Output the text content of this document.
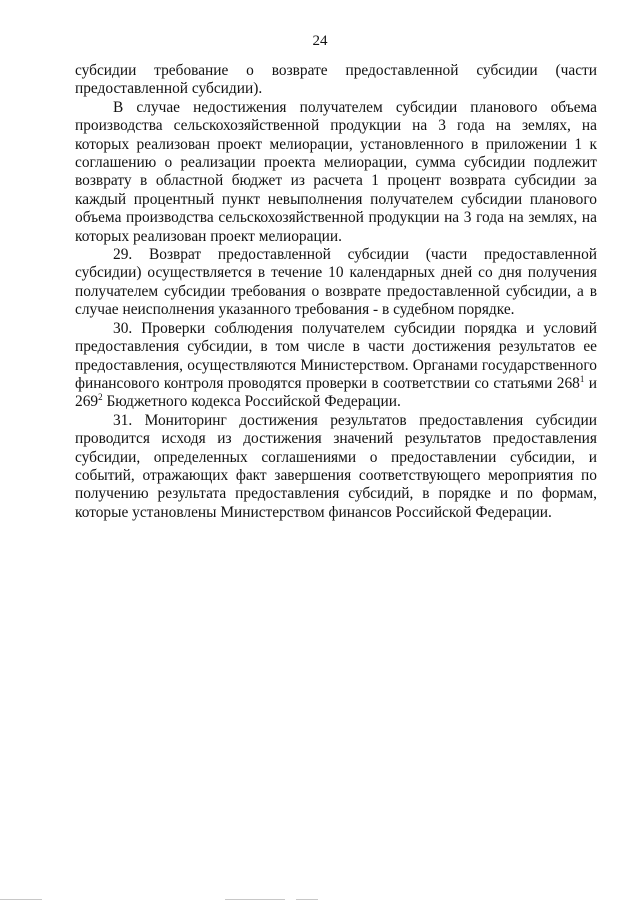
24

субсидии требование о возврате предоставленной субсидии (части предоставленной субсидии).

В случае недостижения получателем субсидии планового объема производства сельскохозяйственной продукции на 3 года на землях, на которых реализован проект мелиорации, установленного в приложении 1 к соглашению о реализации проекта мелиорации, сумма субсидии подлежит возврату в областной бюджет из расчета 1 процент возврата субсидии за каждый процентный пункт невыполнения получателем субсидии планового объема производства сельскохозяйственной продукции на 3 года на землях, на которых реализован проект мелиорации.

29. Возврат предоставленной субсидии (части предоставленной субсидии) осуществляется в течение 10 календарных дней со дня получения получателем субсидии требования о возврате предоставленной субсидии, а в случае неисполнения указанного требования - в судебном порядке.

30. Проверки соблюдения получателем субсидии порядка и условий предоставления субсидии, в том числе в части достижения результатов ее предоставления, осуществляются Министерством. Органами государственного финансового контроля проводятся проверки в соответствии со статьями $268^1$ и $269^2$ Бюджетного кодекса Российской Федерации.

31. Мониторинг достижения результатов предоставления субсидии проводится исходя из достижения значений результатов предоставления субсидии, определенных соглашениями о предоставлении субсидии, и событий, отражающих факт завершения соответствующего мероприятия по получению результата предоставления субсидий, в порядке и по формам, которые установлены Министерством финансов Российской Федерации.
